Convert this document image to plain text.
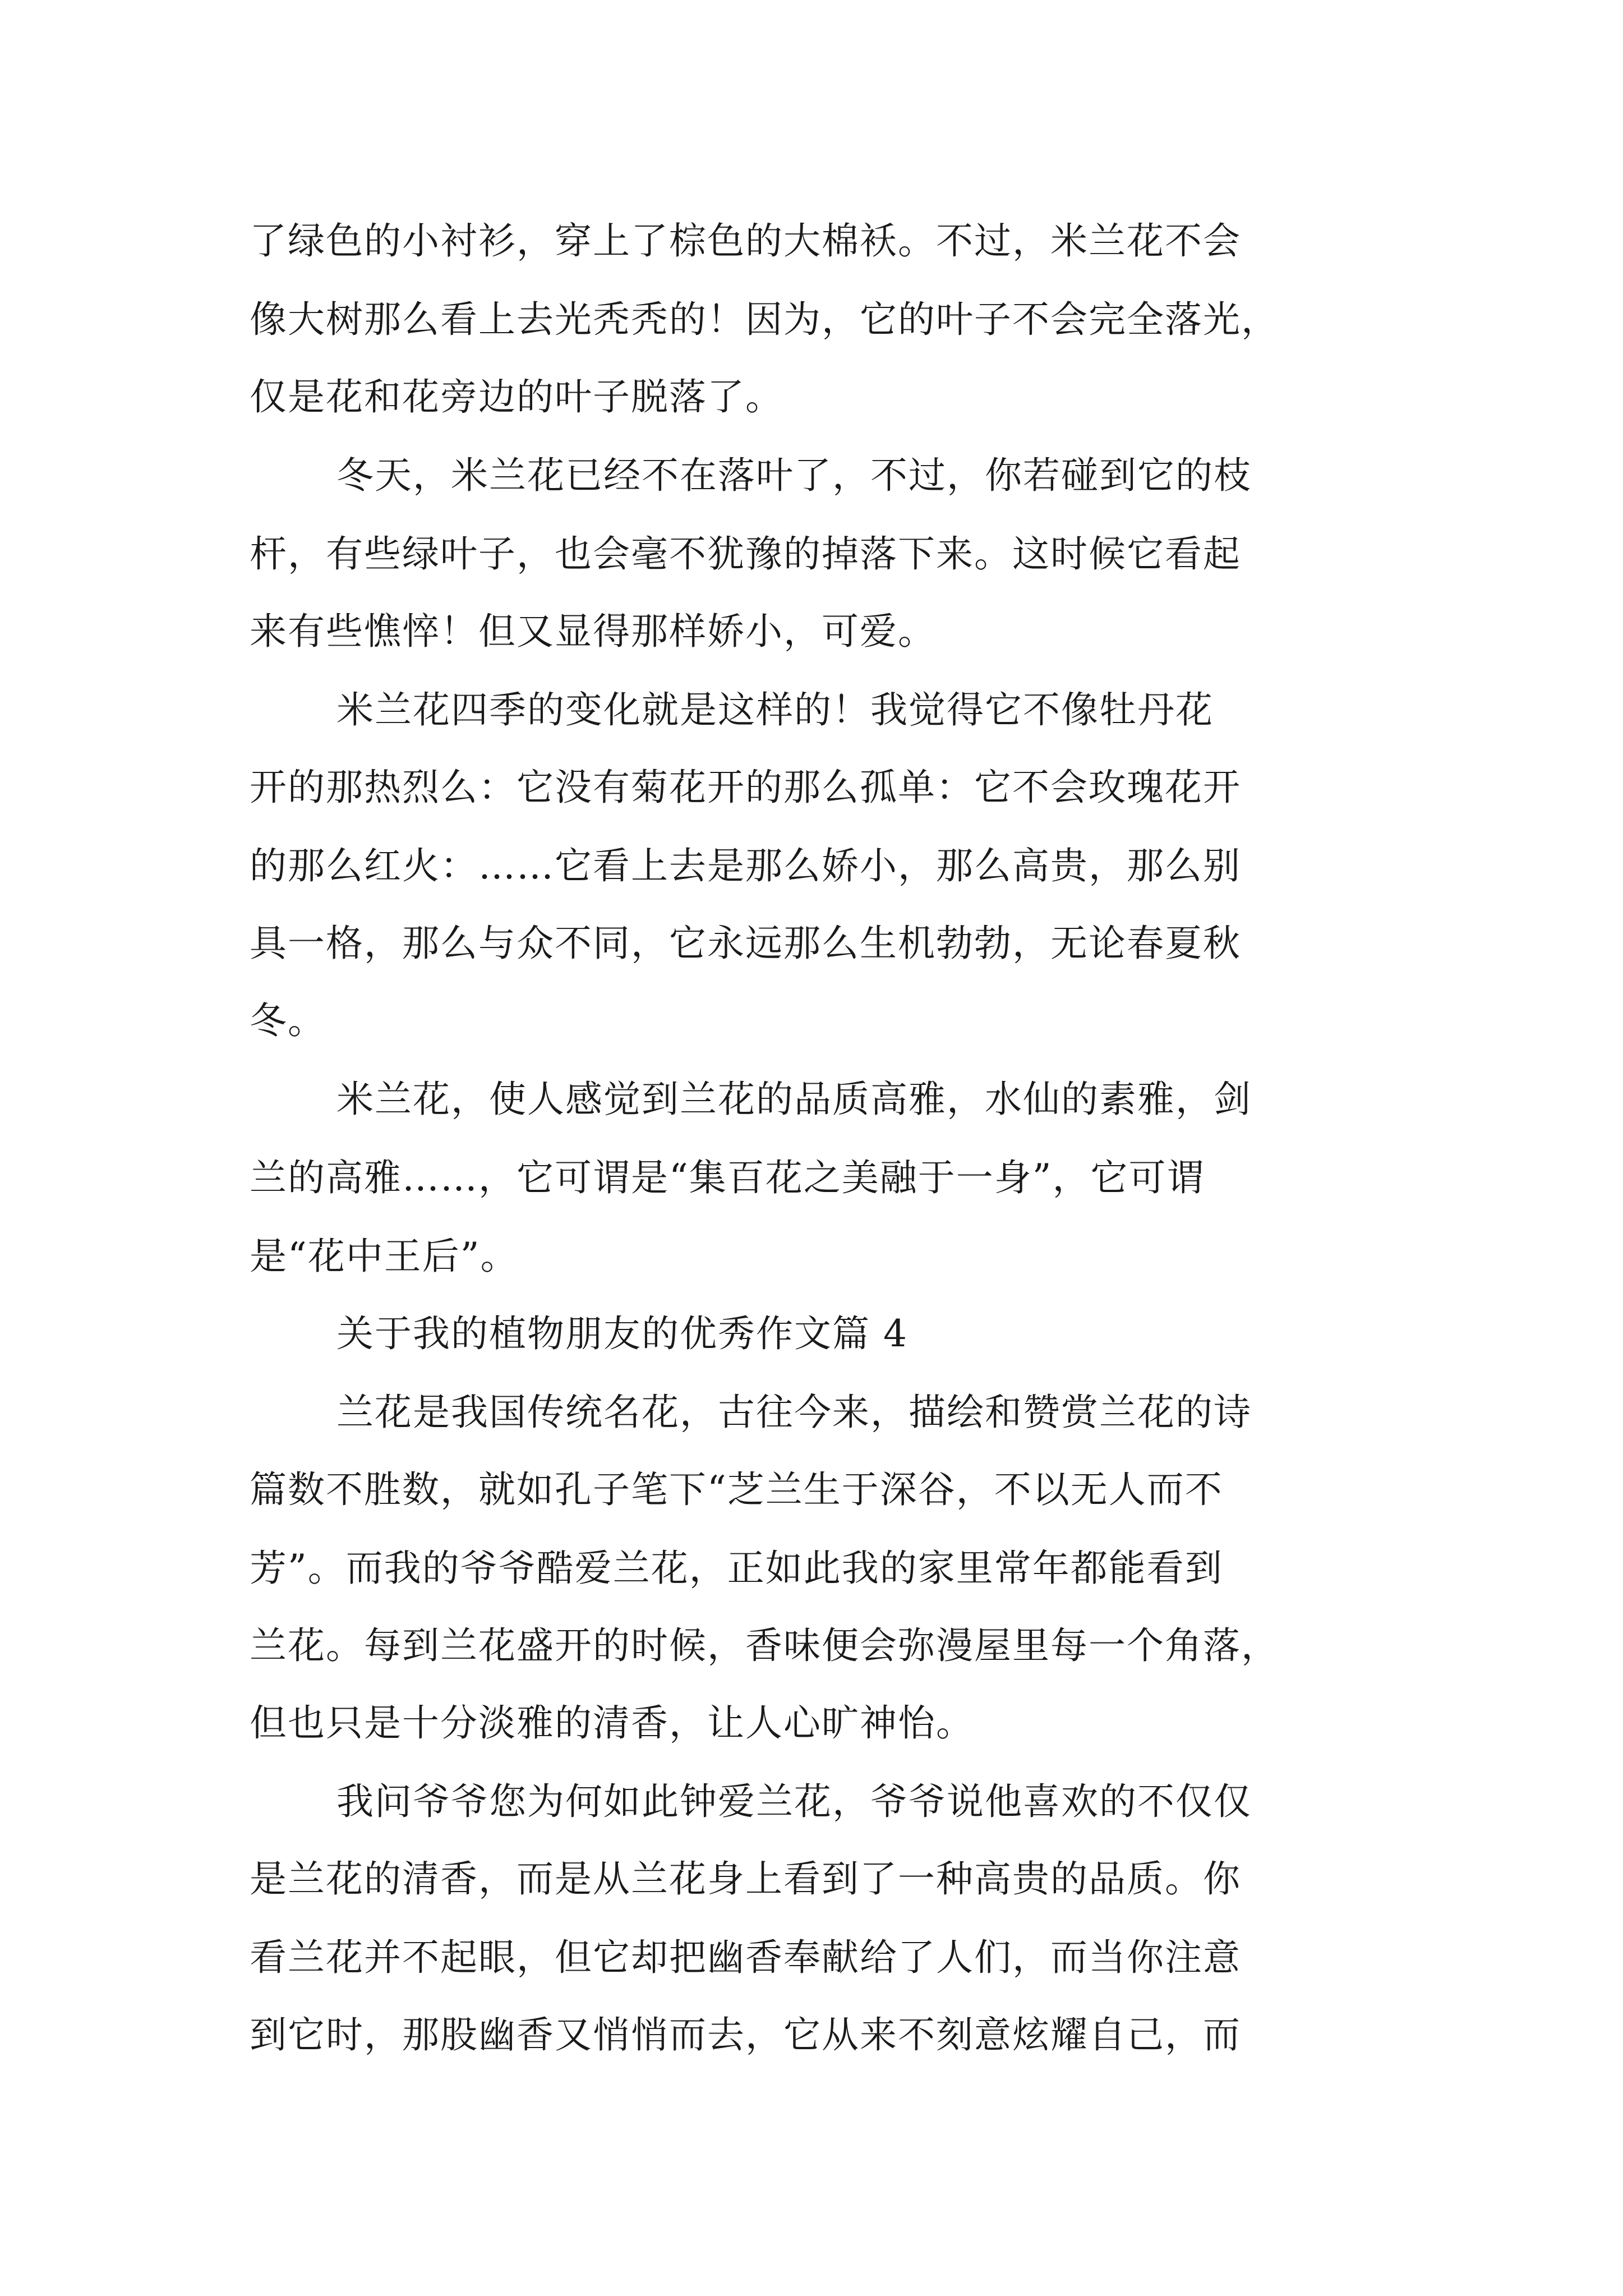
了绿色的小衬衫，穿上了棕色的大棉袄。不过，米兰花不会
像大树那么看上去光秃秃的！因为，它的叶子不会完全落光，
仅是花和花旁边的叶子脱落了。
冬天，米兰花已经不在落叶了，不过，你若碰到它的枝
杆，有些绿叶子，也会毫不犹豫的掉落下来。这时候它看起
来有些憔悴！但又显得那样娇小，可爱。
米兰花四季的变化就是这样的！我觉得它不像牡丹花
开的那热烈么：它没有菊花开的那么孤单：它不会玫瑰花开
的那么红火：……它看上去是那么娇小，那么高贵，那么别
具一格，那么与众不同，它永远那么生机勃勃，无论春夏秋
冬。
米兰花，使人感觉到兰花的品质高雅，水仙的素雅，剑
兰的高雅……，它可谓是“集百花之美融于一身”，它可谓
是“花中王后”。
关于我的植物朋友的优秀作文篇 4
兰花是我国传统名花，古往今来，描绘和赞赏兰花的诗
篇数不胜数，就如孔子笔下“芝兰生于深谷，不以无人而不
芳”。而我的爷爷酷爱兰花，正如此我的家里常年都能看到
兰花。每到兰花盛开的时候，香味便会弥漫屋里每一个角落，
但也只是十分淡雅的清香，让人心旷神怡。
我问爷爷您为何如此钟爱兰花，爷爷说他喜欢的不仅仅
是兰花的清香，而是从兰花身上看到了一种高贵的品质。你
看兰花并不起眼，但它却把幽香奉献给了人们，而当你注意
到它时，那股幽香又悄悄而去，它从来不刻意炫耀自己，而
